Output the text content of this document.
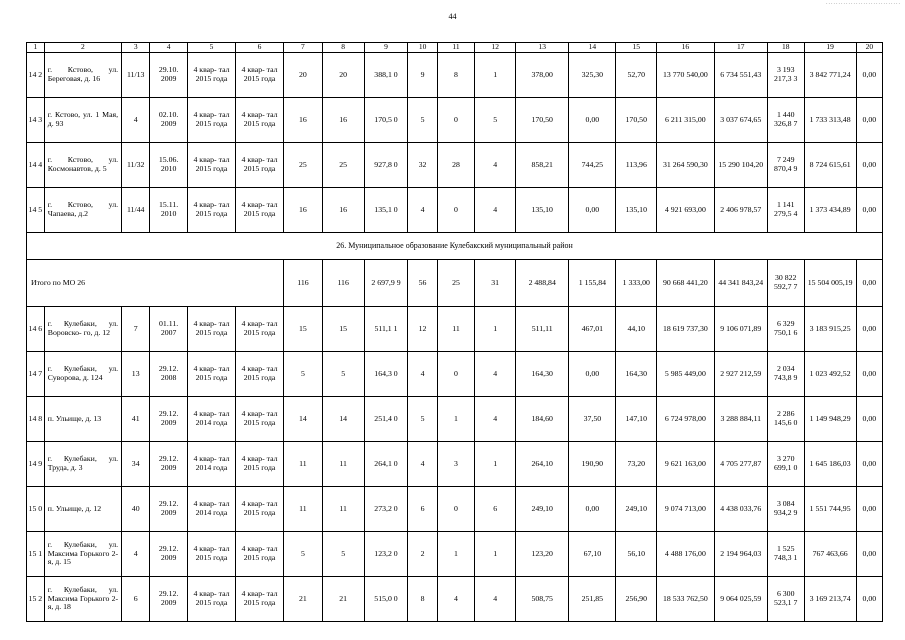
..............................
44
1	2	3	4	5	6	7	8	9	10	11	12	13	14	15	16	17	18	19	20
14 2	г. Кстово, ул. Береговая, д. 16	11/13	29.10. 2009	4 квар- тал 2015 года	4 квар- тал 2015 года	20	20	388,1 0	9	8	1	378,00	325,30	52,70	13 770 540,00	6 734 551,43	3 193 217,3 3	3 842 771,24	0,00
14 3	г. Кстово, ул. 1 Мая, д. 93	4	02.10. 2009	4 квар- тал 2015 года	4 квар- тал 2015 года	16	16	170,5 0	5	0	5	170,50	0,00	170,50	6 211 315,00	3 037 674,65	1 440 326,8 7	1 733 313,48	0,00
14 4	г. Кстово, ул. Космонавтов, д. 5	11/32	15.06. 2010	4 квар- тал 2015 года	4 квар- тал 2015 года	25	25	927,8 0	32	28	4	858,21	744,25	113,96	31 264 590,30	15 290 104,20	7 249 870,4 9	8 724 615,61	0,00
14 5	г. Кстово, ул. Чапаева, д.2	11/44	15.11. 2010	4 квар- тал 2015 года	4 квар- тал 2015 года	16	16	135,1 0	4	0	4	135,10	0,00	135,10	4 921 693,00	2 406 978,57	1 141 279,5 4	1 373 434,89	0,00
26. Муниципальное образование Кулебакский муниципальный район																			
Итого по МО 26						116	116	2 697,9 9	56	25	31	2 488,84	1 155,84	1 333,00	90 668 441,20	44 341 843,24	30 822 592,7 7	15 504 005,19	0,00
14 6	г. Кулебаки, ул. Воровско- го, д. 12	7	01.11. 2007	4 квар- тал 2015 года	4 квар- тал 2015 года	15	15	511,1 1	12	11	1	511,11	467,01	44,10	18 619 737,30	9 106 071,89	6 329 750,1 6	3 183 915,25	0,00
14 7	г. Кулебаки, ул. Суворова, д. 124	13	29.12. 2008	4 квар- тал 2015 года	4 квар- тал 2015 года	5	5	164,3 0	4	0	4	164,30	0,00	164,30	5 985 449,00	2 927 212,59	2 034 743,8 9	1 023 492,52	0,00
14 8	п. Ульище, д. 13	41	29.12. 2009	4 квар- тал 2014 года	4 квар- тал 2015 года	14	14	251,4 0	5	1	4	184,60	37,50	147,10	6 724 978,00	3 288 884,11	2 286 145,6 0	1 149 948,29	0,00
14 9	г. Кулебаки, ул. Труда, д. 3	34	29.12. 2009	4 квар- тал 2014 года	4 квар- тал 2015 года	11	11	264,1 0	4	3	1	264,10	190,90	73,20	9 621 163,00	4 705 277,87	3 270 699,1 0	1 645 186,03	0,00
15 0	п. Ульище, д. 12	40	29.12. 2009	4 квар- тал 2014 года	4 квар- тал 2015 года	11	11	273,2 0	6	0	6	249,10	0,00	249,10	9 074 713,00	4 438 033,76	3 084 934,2 9	1 551 744,95	0,00
15 1	г. Кулебаки, ул. Максима Горького 2-я, д. 15	4	29.12. 2009	4 квар- тал 2015 года	4 квар- тал 2015 года	5	5	123,2 0	2	1	1	123,20	67,10	56,10	4 488 176,00	2 194 964,03	1 525 748,3 1	767 463,66	0,00
15 2	г. Кулебаки, ул. Максима Горького 2-я, д. 18	6	29.12. 2009	4 квар- тал 2015 года	4 квар- тал 2015 года	21	21	515,0 0	8	4	4	508,75	251,85	256,90	18 533 762,50	9 064 025,59	6 300 523,1 7	3 169 213,74	0,00
